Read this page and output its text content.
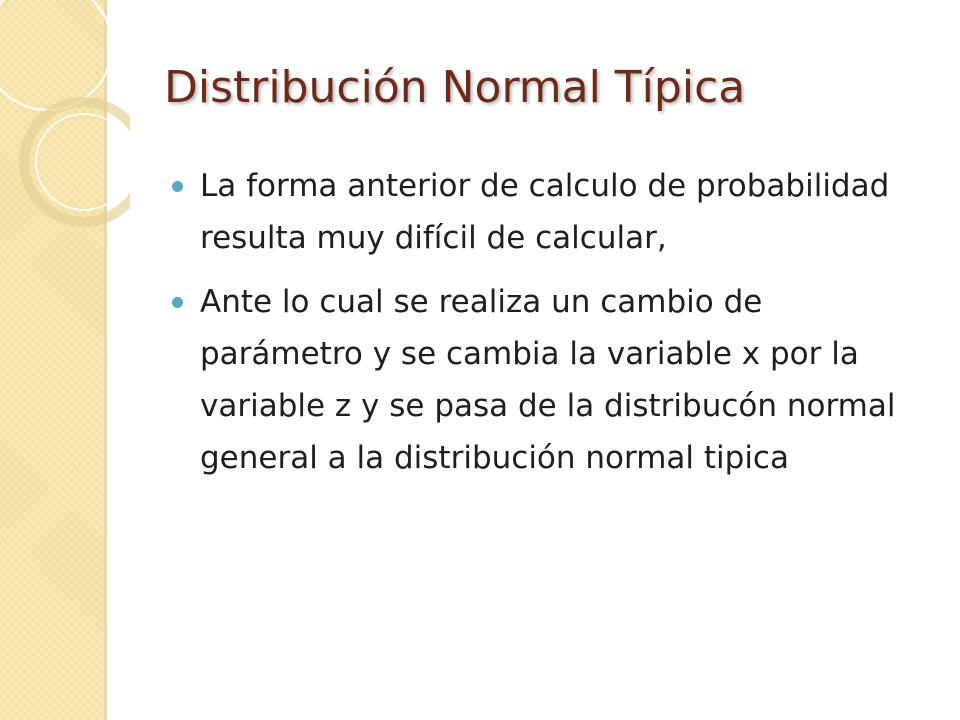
Distribución Normal Típica
La forma anterior de calculo de probabilidad resulta muy difícil de calcular,
Ante lo cual se realiza un cambio de parámetro y se cambia la variable x por la variable z y se pasa de la distribucón normal general a la distribución normal tipica
